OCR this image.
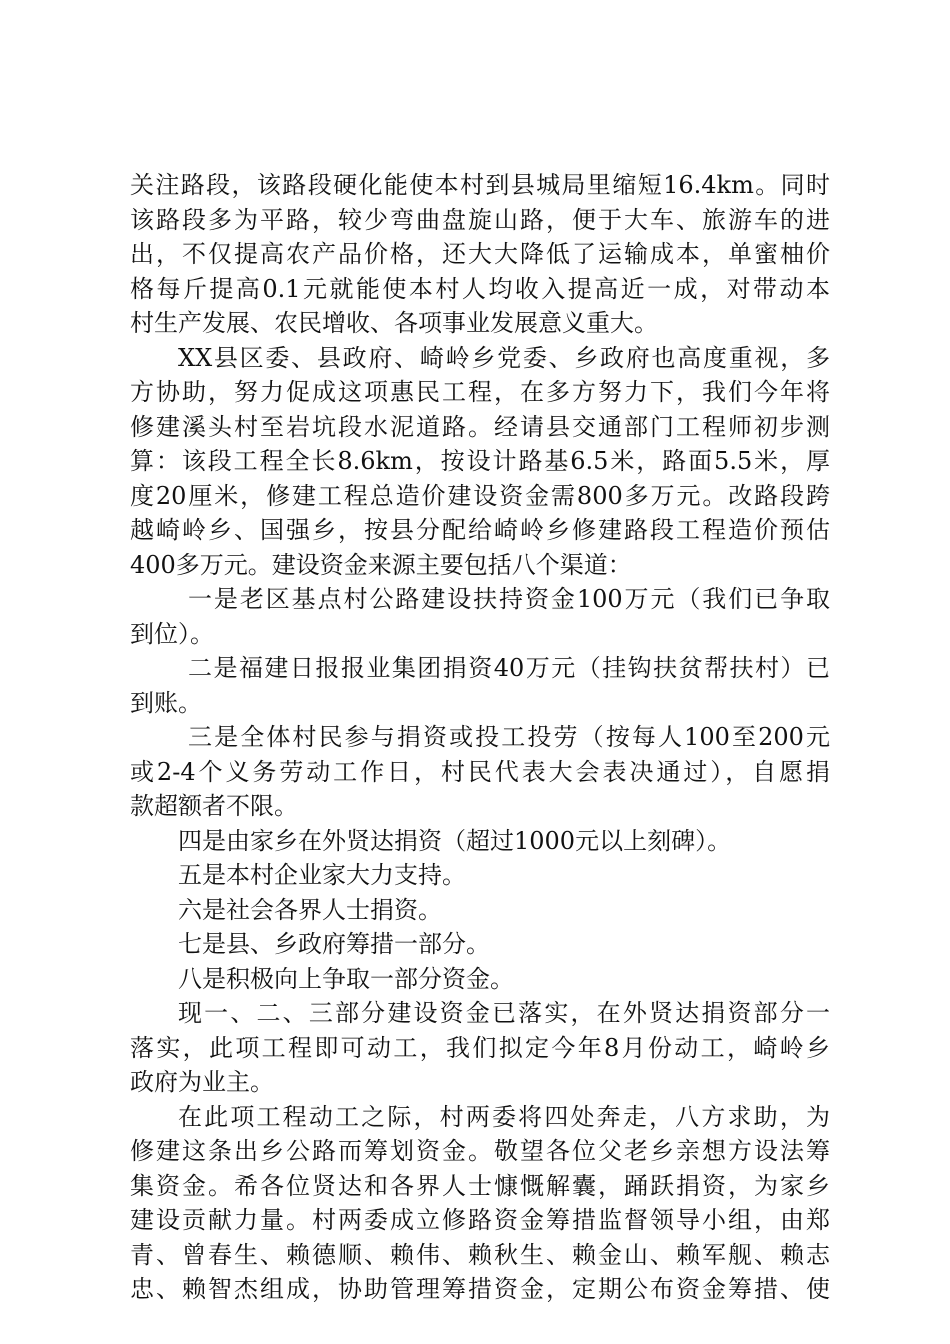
关注路段，该路段硬化能使本村到县城局里缩短16.4km。同时
该路段多为平路，较少弯曲盘旋山路，便于大车、旅游车的进
出，不仅提高农产品价格，还大大降低了运输成本，单蜜柚价
格每斤提高0.1元就能使本村人均收入提高近一成，对带动本
村生产发展、农民增收、各项事业发展意义重大。
XX县区委、县政府、崎岭乡党委、乡政府也高度重视，多
方协助，努力促成这项惠民工程，在多方努力下，我们今年将
修建溪头村至岩坑段水泥道路。经请县交通部门工程师初步测
算：该段工程全长8.6km，按设计路基6.5米，路面5.5米，厚
度20厘米，修建工程总造价建设资金需800多万元。改路段跨
越崎岭乡、国强乡，按县分配给崎岭乡修建路段工程造价预估
400多万元。建设资金来源主要包括八个渠道：
一是老区基点村公路建设扶持资金100万元（我们已争取
到位）。
二是福建日报报业集团捐资40万元（挂钩扶贫帮扶村）已
到账。
三是全体村民参与捐资或投工投劳（按每人100至200元
或2-4个义务劳动工作日，村民代表大会表决通过），自愿捐
款超额者不限。
四是由家乡在外贤达捐资（超过1000元以上刻碑）。
五是本村企业家大力支持。
六是社会各界人士捐资。
七是县、乡政府筹措一部分。
八是积极向上争取一部分资金。
现一、二、三部分建设资金已落实，在外贤达捐资部分一
落实，此项工程即可动工，我们拟定今年8月份动工，崎岭乡
政府为业主。
在此项工程动工之际，村两委将四处奔走，八方求助，为
修建这条出乡公路而筹划资金。敬望各位父老乡亲想方设法筹
集资金。希各位贤达和各界人士慷慨解囊，踊跃捐资，为家乡
建设贡献力量。村两委成立修路资金筹措监督领导小组，由郑
青、曾春生、赖德顺、赖伟、赖秋生、赖金山、赖军舰、赖志
忠、赖智杰组成，协助管理筹措资金，定期公布资金筹措、使
